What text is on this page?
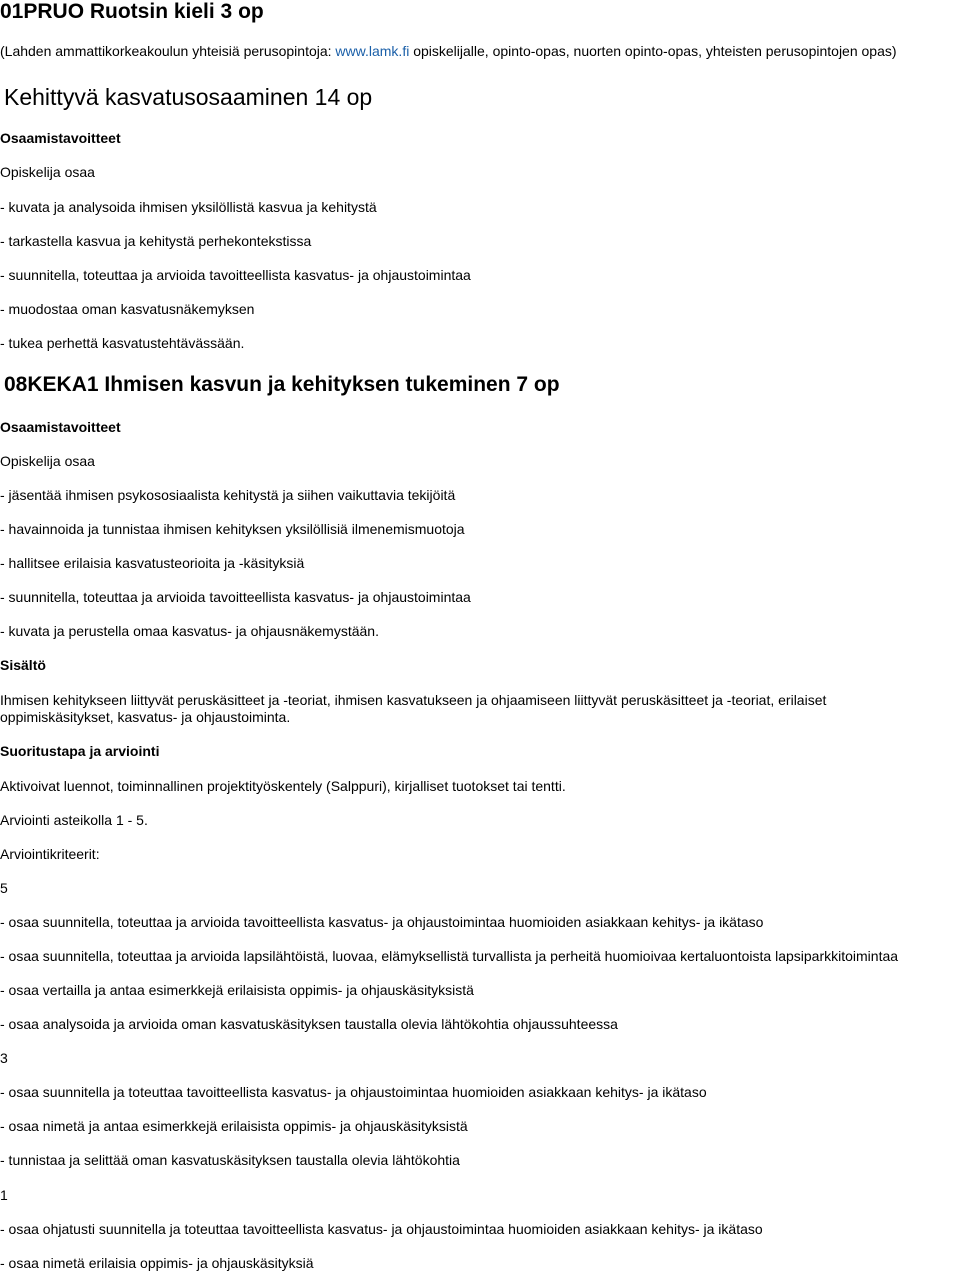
01PRUO Ruotsin kieli 3 op
(Lahden ammattikorkeakoulun yhteisiä perusopintoja: www.lamk.fi opiskelijalle, opinto-opas, nuorten opinto-opas, yhteisten perusopintojen opas)
Kehittyvä kasvatusosaaminen 14 op
Osaamistavoitteet
Opiskelija osaa
- kuvata ja analysoida ihmisen yksilöllistä kasvua ja kehitystä
- tarkastella kasvua ja kehitystä perhekontekstissa
- suunnitella, toteuttaa ja arvioida tavoitteellista kasvatus- ja ohjaustoimintaa
- muodostaa oman kasvatusnäkemyksen
- tukea perhettä kasvatustehtävässään.
08KEKA1 Ihmisen kasvun ja kehityksen tukeminen 7 op
Osaamistavoitteet
Opiskelija osaa
- jäsentää ihmisen psykososiaalista kehitystä ja siihen vaikuttavia tekijöitä
- havainnoida ja tunnistaa ihmisen kehityksen yksilöllisiä ilmenemismuotoja
- hallitsee erilaisia kasvatusteorioita ja -käsityksiä
- suunnitella, toteuttaa ja arvioida tavoitteellista kasvatus- ja ohjaustoimintaa
- kuvata ja perustella omaa kasvatus- ja ohjausnäkemystään.
Sisältö
Ihmisen kehitykseen liittyvät peruskäsitteet ja -teoriat, ihmisen kasvatukseen ja ohjaamiseen liittyvät peruskäsitteet ja -teoriat, erilaiset oppimiskäsitykset, kasvatus- ja ohjaustoiminta.
Suoritustapa ja arviointi
Aktivoivat luennot, toiminnallinen projektityöskentely (Salppuri), kirjalliset tuotokset tai tentti.
Arviointi asteikolla 1 - 5.
Arviointikriteerit:
5
- osaa suunnitella, toteuttaa ja arvioida tavoitteellista kasvatus- ja ohjaustoimintaa huomioiden asiakkaan kehitys- ja ikätaso
- osaa suunnitella, toteuttaa ja arvioida lapsilähtöistä, luovaa, elämyksellistä turvallista ja perheitä huomioivaa kertaluontoista lapsiparkkitoimintaa
- osaa vertailla ja antaa esimerkkejä erilaisista oppimis- ja ohjauskäsityksistä
- osaa analysoida ja arvioida oman kasvatuskäsityksen taustalla olevia lähtökohtia ohjaussuhteessa
3
- osaa suunnitella ja toteuttaa tavoitteellista kasvatus- ja ohjaustoimintaa huomioiden asiakkaan kehitys- ja ikätaso
- osaa nimetä ja antaa esimerkkejä erilaisista oppimis- ja ohjauskäsityksistä
- tunnistaa ja selittää oman kasvatuskäsityksen taustalla olevia lähtökohtia
1
- osaa ohjatusti suunnitella ja toteuttaa tavoitteellista kasvatus- ja ohjaustoimintaa huomioiden asiakkaan kehitys- ja ikätaso
- osaa nimetä erilaisia oppimis- ja ohjauskäsityksiä
